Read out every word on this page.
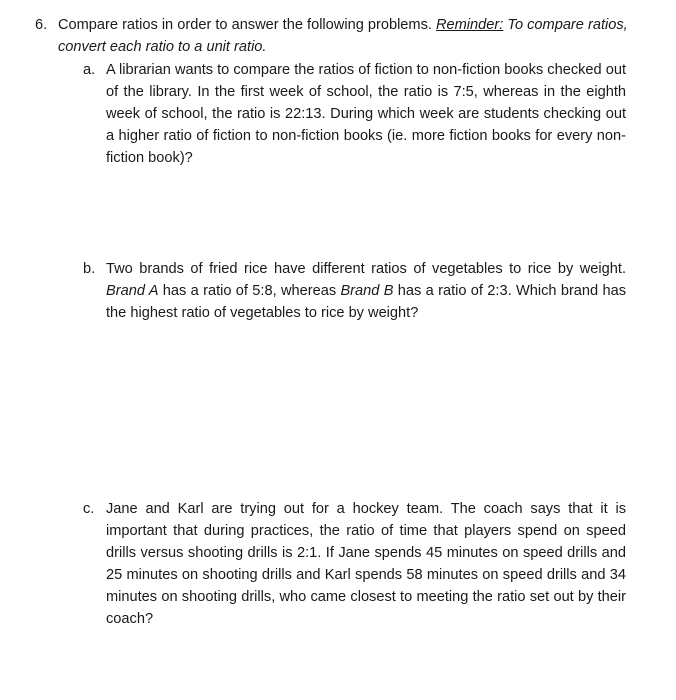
6. Compare ratios in order to answer the following problems. Reminder: To compare ratios, convert each ratio to a unit ratio.
a. A librarian wants to compare the ratios of fiction to non-fiction books checked out of the library. In the first week of school, the ratio is 7:5, whereas in the eighth week of school, the ratio is 22:13. During which week are students checking out a higher ratio of fiction to non-fiction books (ie. more fiction books for every non-fiction book)?
b. Two brands of fried rice have different ratios of vegetables to rice by weight. Brand A has a ratio of 5:8, whereas Brand B has a ratio of 2:3. Which brand has the highest ratio of vegetables to rice by weight?
c. Jane and Karl are trying out for a hockey team. The coach says that it is important that during practices, the ratio of time that players spend on speed drills versus shooting drills is 2:1. If Jane spends 45 minutes on speed drills and 25 minutes on shooting drills and Karl spends 58 minutes on speed drills and 34 minutes on shooting drills, who came closest to meeting the ratio set out by their coach?
